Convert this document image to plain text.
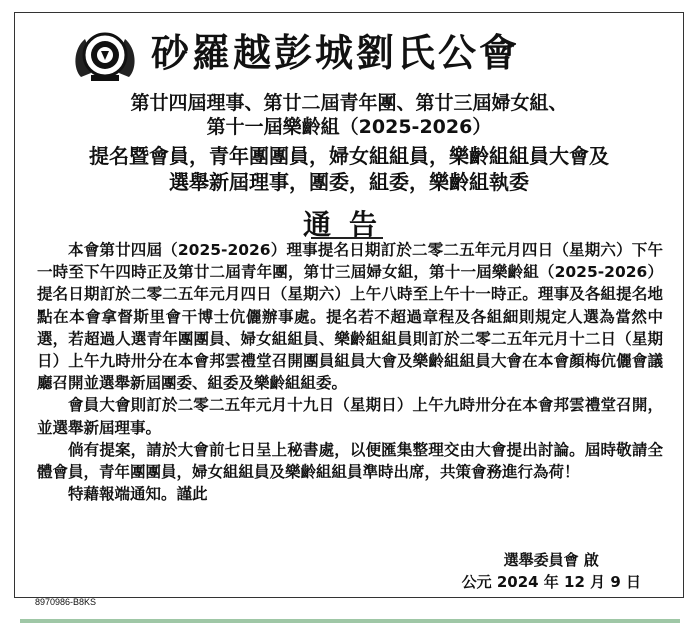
砂羅越彭城劉氏公會
第廿四屆理事、第廿二屆青年團、第廿三屆婦女組、
第十一屆樂齡組（2025-2026）
提名暨會員，青年團團員，婦女組組員，樂齡組組員大會及
選舉新屆理事，團委，組委，樂齡組執委
通告

本會第廿四屆（2025-2026）理事提名日期訂於二零二五年元月四日（星期六）下午一時至下午四時正及第廿二屆青年團，第廿三屆婦女組，第十一屆樂齡組（2025-2026）提名日期訂於二零二五年元月四日（星期六）上午八時至上午十一時正。理事及各組提名地點在本會拿督斯里會干博士伉儷辦事處。提名若不超過章程及各組細則規定人選為當然中選，若超過人選青年團團員、婦女組組員、樂齡組組員則訂於二零二五年元月十二日（星期日）上午九時卅分在本會邦雲禮堂召開團員組員大會及樂齡組組員大會在本會顏梅伉儷會議廳召開並選舉新屆團委、組委及樂齡組組委。

會員大會則訂於二零二五年元月十九日（星期日）上午九時卅分在本會邦雲禮堂召開，並選舉新屆理事。

倘有提案，請於大會前七日呈上秘書處，以便匯集整理交由大會提出討論。屆時敬請全體會員，青年團團員，婦女組組員及樂齡組組員準時出席，共策會務進行為荷！

特藉報端通知。謹此

選舉委員會 啟
公元 2024 年 12 月 9 日
8970986-B8KS
